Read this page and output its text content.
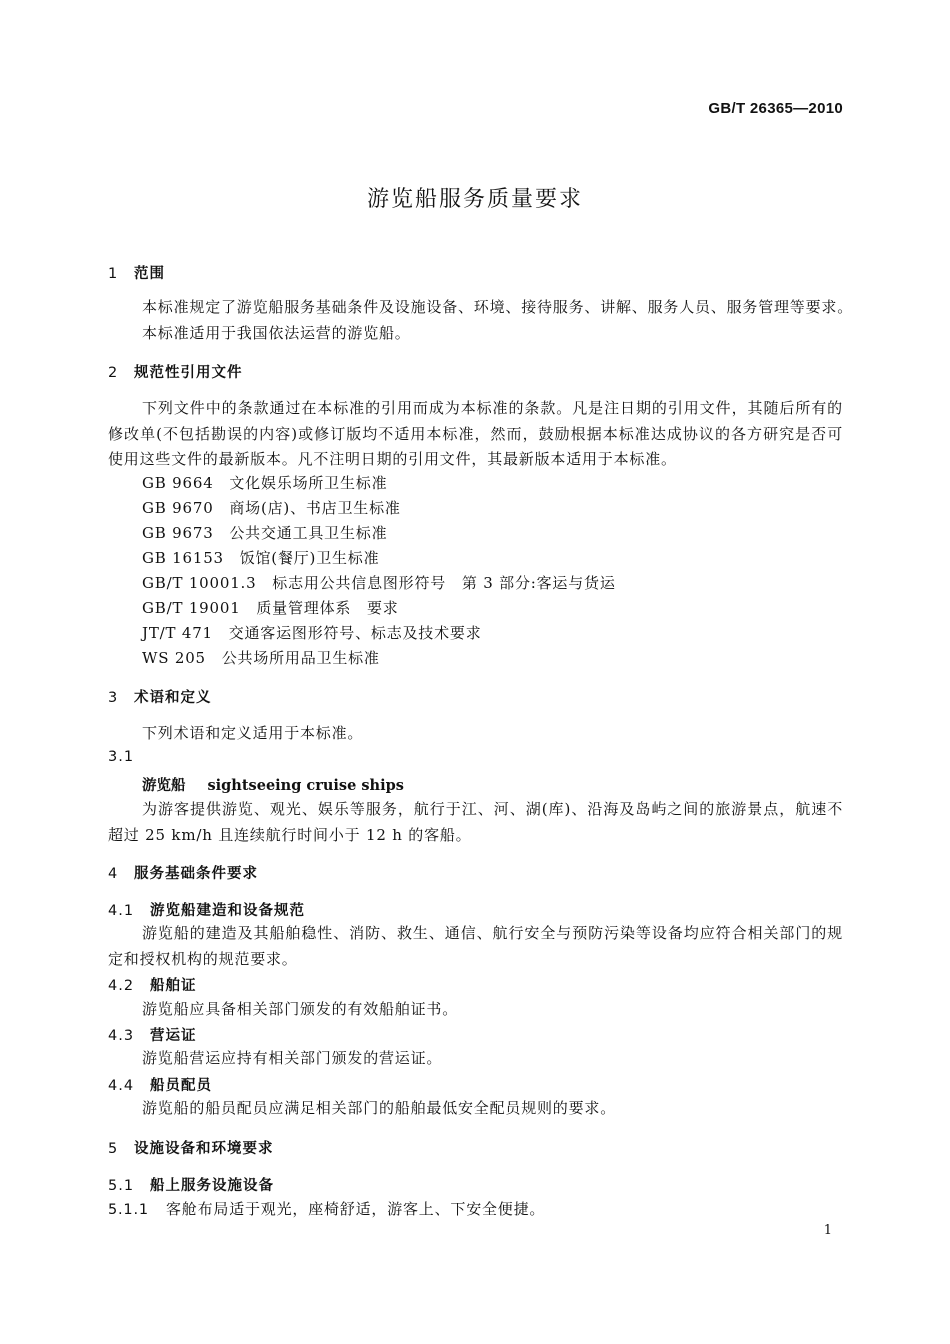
GB/T 26365—2010
游览船服务质量要求
1 范围
本标准规定了游览船服务基础条件及设施设备、环境、接待服务、讲解、服务人员、服务管理等要求。
本标准适用于我国依法运营的游览船。
2 规范性引用文件
下列文件中的条款通过在本标准的引用而成为本标准的条款。凡是注日期的引用文件，其随后所有的修改单(不包括勘误的内容)或修订版均不适用本标准，然而，鼓励根据本标准达成协议的各方研究是否可使用这些文件的最新版本。凡不注明日期的引用文件，其最新版本适用于本标准。
GB 9664　 文化娱乐场所卫生标准
GB 9670　 商场(店)、书店卫生标准
GB 9673　 公共交通工具卫生标准
GB 16153　 饭馆(餐厅)卫生标准
GB/T 10001.3　 标志用公共信息图形符号　第 3 部分:客运与货运
GB/T 19001　 质量管理体系　要求
JT/T 471　 交通客运图形符号、标志及技术要求
WS 205　 公共场所用品卫生标准
3 术语和定义
下列术语和定义适用于本标准。
3.1
游览船 sightseeing cruise ships
为游客提供游览、观光、娱乐等服务，航行于江、河、湖(库)、沿海及岛屿之间的旅游景点，航速不超过 25 km/h 且连续航行时间小于 12 h 的客船。
4 服务基础条件要求
4.1 游览船建造和设备规范
游览船的建造及其船舶稳性、消防、救生、通信、航行安全与预防污染等设备均应符合相关部门的规定和授权机构的规范要求。
4.2 船舶证
游览船应具备相关部门颁发的有效船舶证书。
4.3 营运证
游览船营运应持有相关部门颁发的营运证。
4.4 船员配员
游览船的船员配员应满足相关部门的船舶最低安全配员规则的要求。
5 设施设备和环境要求
5.1 船上服务设施设备
5.1.1 客舱布局适于观光，座椅舒适，游客上、下安全便捷。
1
